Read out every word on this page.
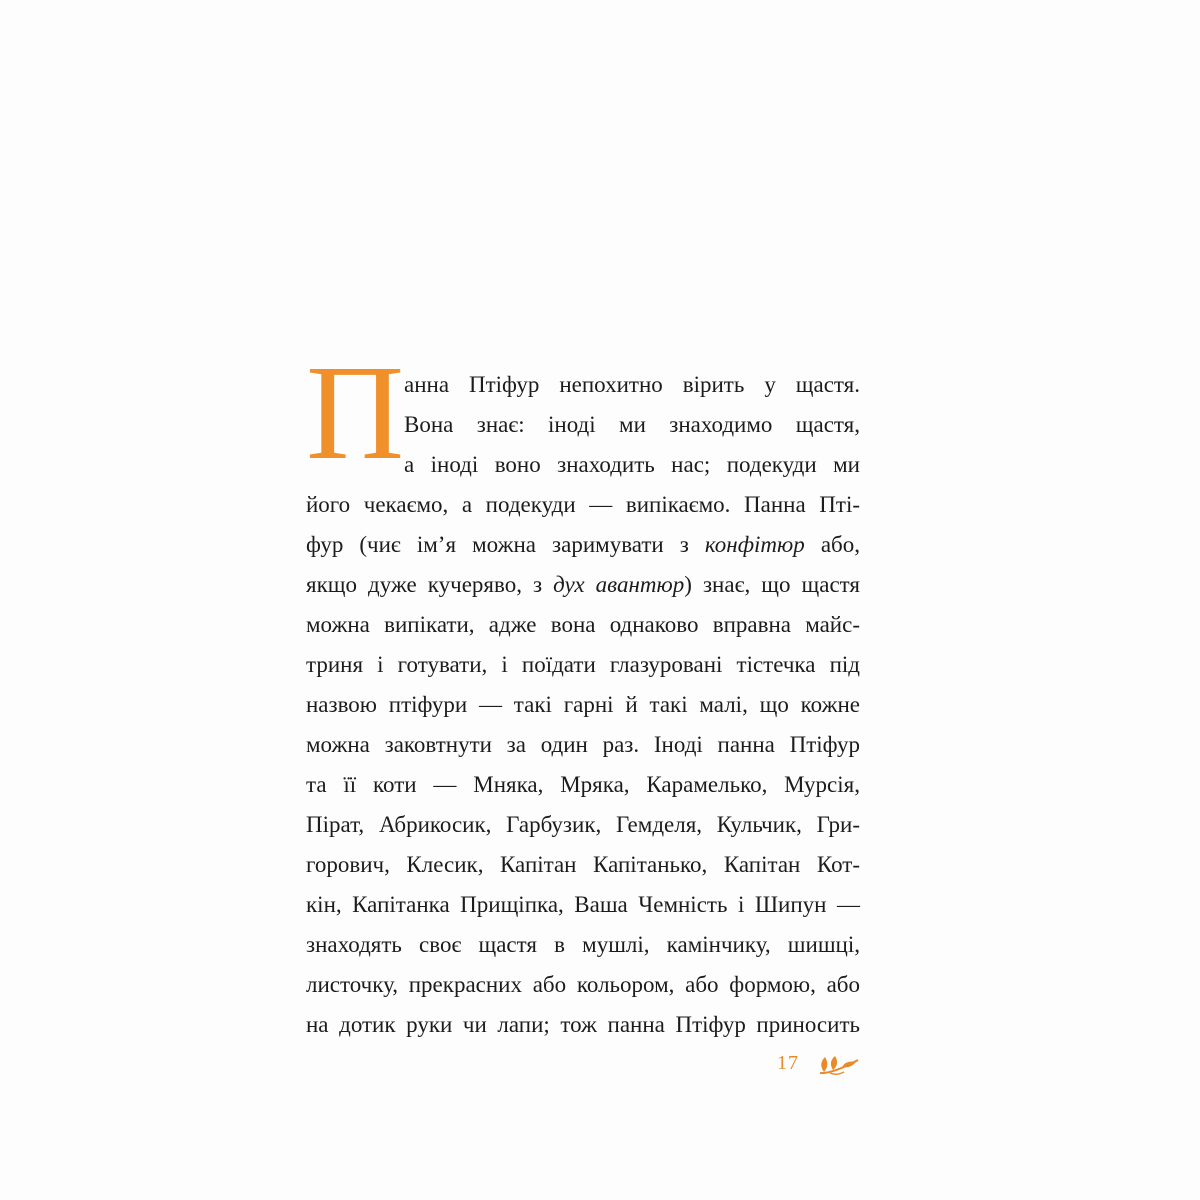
П анна Птіфур непохитно вірить у щастя.
Вона знає: іноді ми знаходимо щастя,
а іноді воно знаходить нас; подекуди ми
його чекаємо, а подекуди — випікаємо. Панна Пті-
фур (чиє ім’я можна заримувати з конфітюр або,
якщо дуже кучеряво, з дух авантюр) знає, що щастя
можна випікати, адже вона однаково вправна майс-
триня і готувати, і поїдати глазуровані тістечка під
назвою птіфури — такі гарні й такі малі, що кожне
можна заковтнути за один раз. Іноді панна Птіфур
та її коти — Мняка, Мряка, Карамелько, Мурсія,
Пірат, Абрикосик, Гарбузик, Гемделя, Кульчик, Гри-
горович, Клесик, Капітан Капітанько, Капітан Кот-
кін, Капітанка Прищіпка, Ваша Чемність і Шипун —
знаходять своє щастя в мушлі, камінчику, шишці,
листочку, прекрасних або кольором, або формою, або
на дотик руки чи лапи; тож панна Птіфур приносить
17
